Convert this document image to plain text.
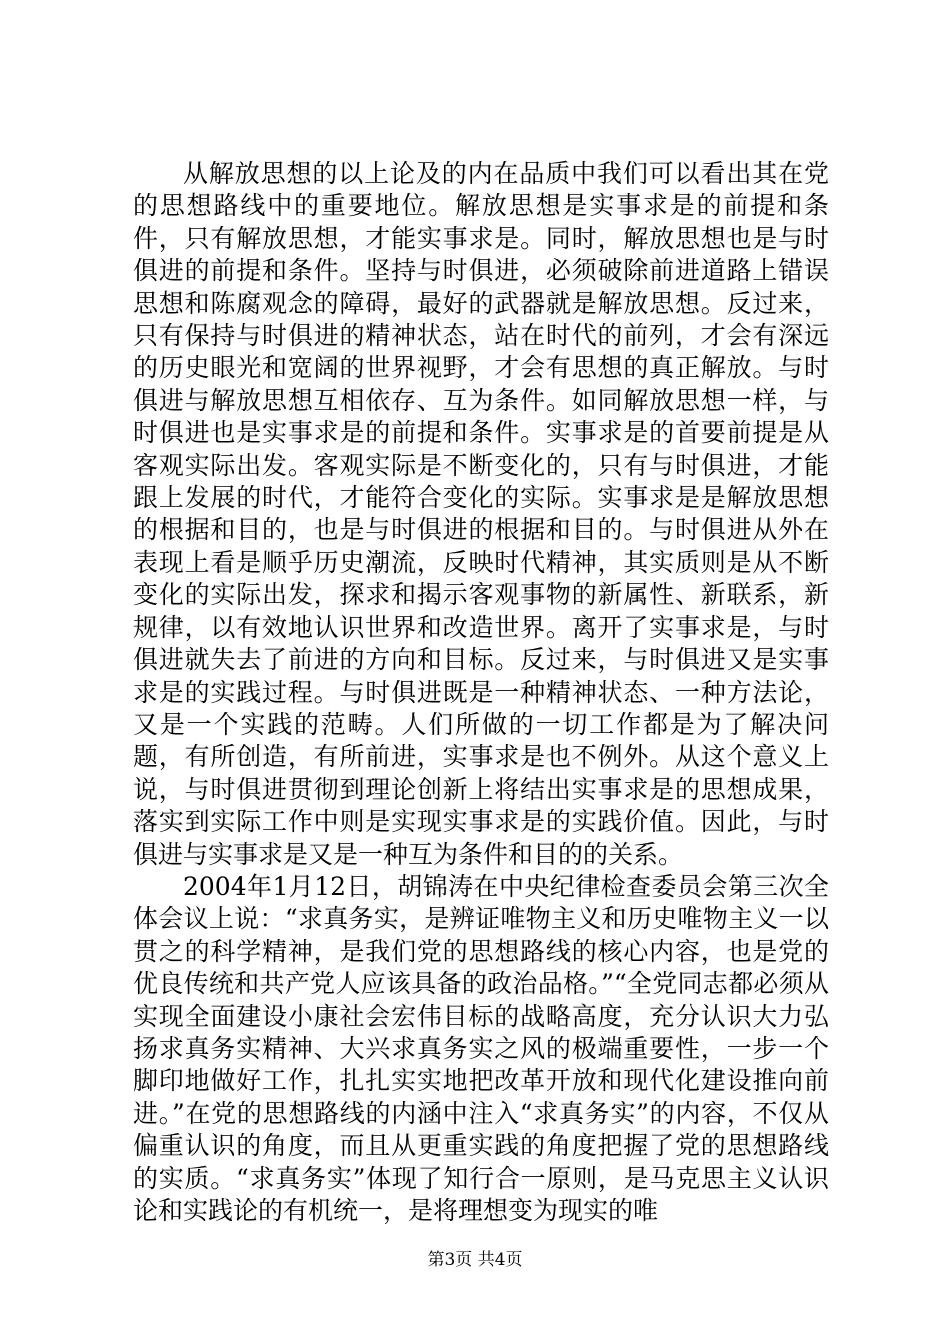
从解放思想的以上论及的内在品质中我们可以看出其在党的思想路线中的重要地位。解放思想是实事求是的前提和条件，只有解放思想，才能实事求是。同时，解放思想也是与时俱进的前提和条件。坚持与时俱进，必须破除前进道路上错误思想和陈腐观念的障碍，最好的武器就是解放思想。反过来，只有保持与时俱进的精神状态，站在时代的前列，才会有深远的历史眼光和宽阔的世界视野，才会有思想的真正解放。与时俱进与解放思想互相依存、互为条件。如同解放思想一样，与时俱进也是实事求是的前提和条件。实事求是的首要前提是从客观实际出发。客观实际是不断变化的，只有与时俱进，才能跟上发展的时代，才能符合变化的实际。实事求是是解放思想的根据和目的，也是与时俱进的根据和目的。与时俱进从外在表现上看是顺乎历史潮流，反映时代精神，其实质则是从不断变化的实际出发，探求和揭示客观事物的新属性、新联系，新规律，以有效地认识世界和改造世界。离开了实事求是，与时俱进就失去了前进的方向和目标。反过来，与时俱进又是实事求是的实践过程。与时俱进既是一种精神状态、一种方法论，又是一个实践的范畴。人们所做的一切工作都是为了解决问题，有所创造，有所前进，实事求是也不例外。从这个意义上说，与时俱进贯彻到理论创新上将结出实事求是的思想成果，落实到实际工作中则是实现实事求是的实践价值。因此，与时俱进与实事求是又是一种互为条件和目的的关系。

2004年1月12日，胡锦涛在中央纪律检查委员会第三次全体会议上说：“求真务实，是辨证唯物主义和历史唯物主义一以贯之的科学精神，是我们党的思想路线的核心内容，也是党的优良传统和共产党人应该具备的政治品格。”“全党同志都必须从实现全面建设小康社会宏伟目标的战略高度，充分认识大力弘扬求真务实精神、大兴求真务实之风的极端重要性，一步一个脚印地做好工作，扎扎实实地把改革开放和现代化建设推向前进。”在党的思想路线的内涵中注入“求真务实”的内容，不仅从偏重认识的角度，而且从更重实践的角度把握了党的思想路线的实质。“求真务实”体现了知行合一原则，是马克思主义认识论和实践论的有机统一，是将理想变为现实的唯

第3页 共4页
